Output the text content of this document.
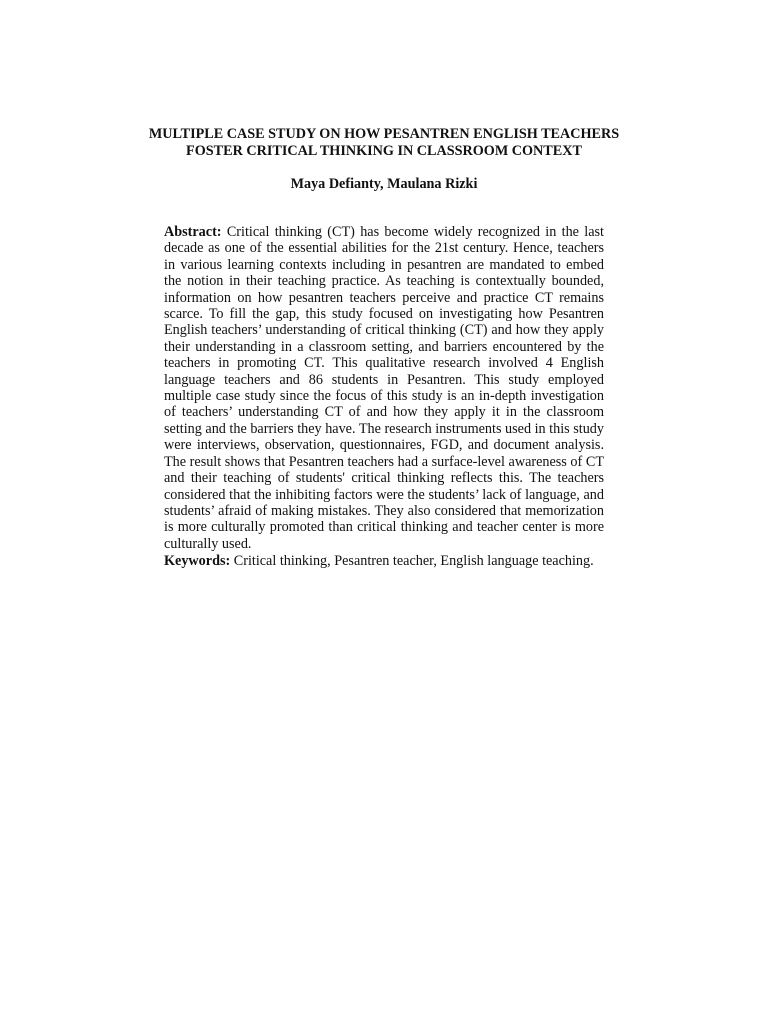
MULTIPLE CASE STUDY ON HOW PESANTREN ENGLISH TEACHERS
FOSTER CRITICAL THINKING IN CLASSROOM CONTEXT
Maya Defianty, Maulana Rizki

Abstract: Critical thinking (CT) has become widely recognized in the last decade as one of the essential abilities for the 21st century. Hence, teachers in various learning contexts including in pesantren are mandated to embed the notion in their teaching practice. As teaching is contextually bounded, information on how pesantren teachers perceive and practice CT remains scarce. To fill the gap, this study focused on investigating how Pesantren English teachers’ understanding of critical thinking (CT) and how they apply their understanding in a classroom setting, and barriers encountered by the teachers in promoting CT. This qualitative research involved 4 English language teachers and 86 students in Pesantren. This study employed multiple case study since the focus of this study is an in-depth investigation of teachers’ understanding CT of and how they apply it in the classroom setting and the barriers they have. The research instruments used in this study were interviews, observation, questionnaires, FGD, and document analysis. The result shows that Pesantren teachers had a surface-level awareness of CT and their teaching of students' critical thinking reflects this. The teachers considered that the inhibiting factors were the students’ lack of language, and students’ afraid of making mistakes. They also considered that memorization is more culturally promoted than critical thinking and teacher center is more culturally used.

Keywords: Critical thinking, Pesantren teacher, English language teaching.
